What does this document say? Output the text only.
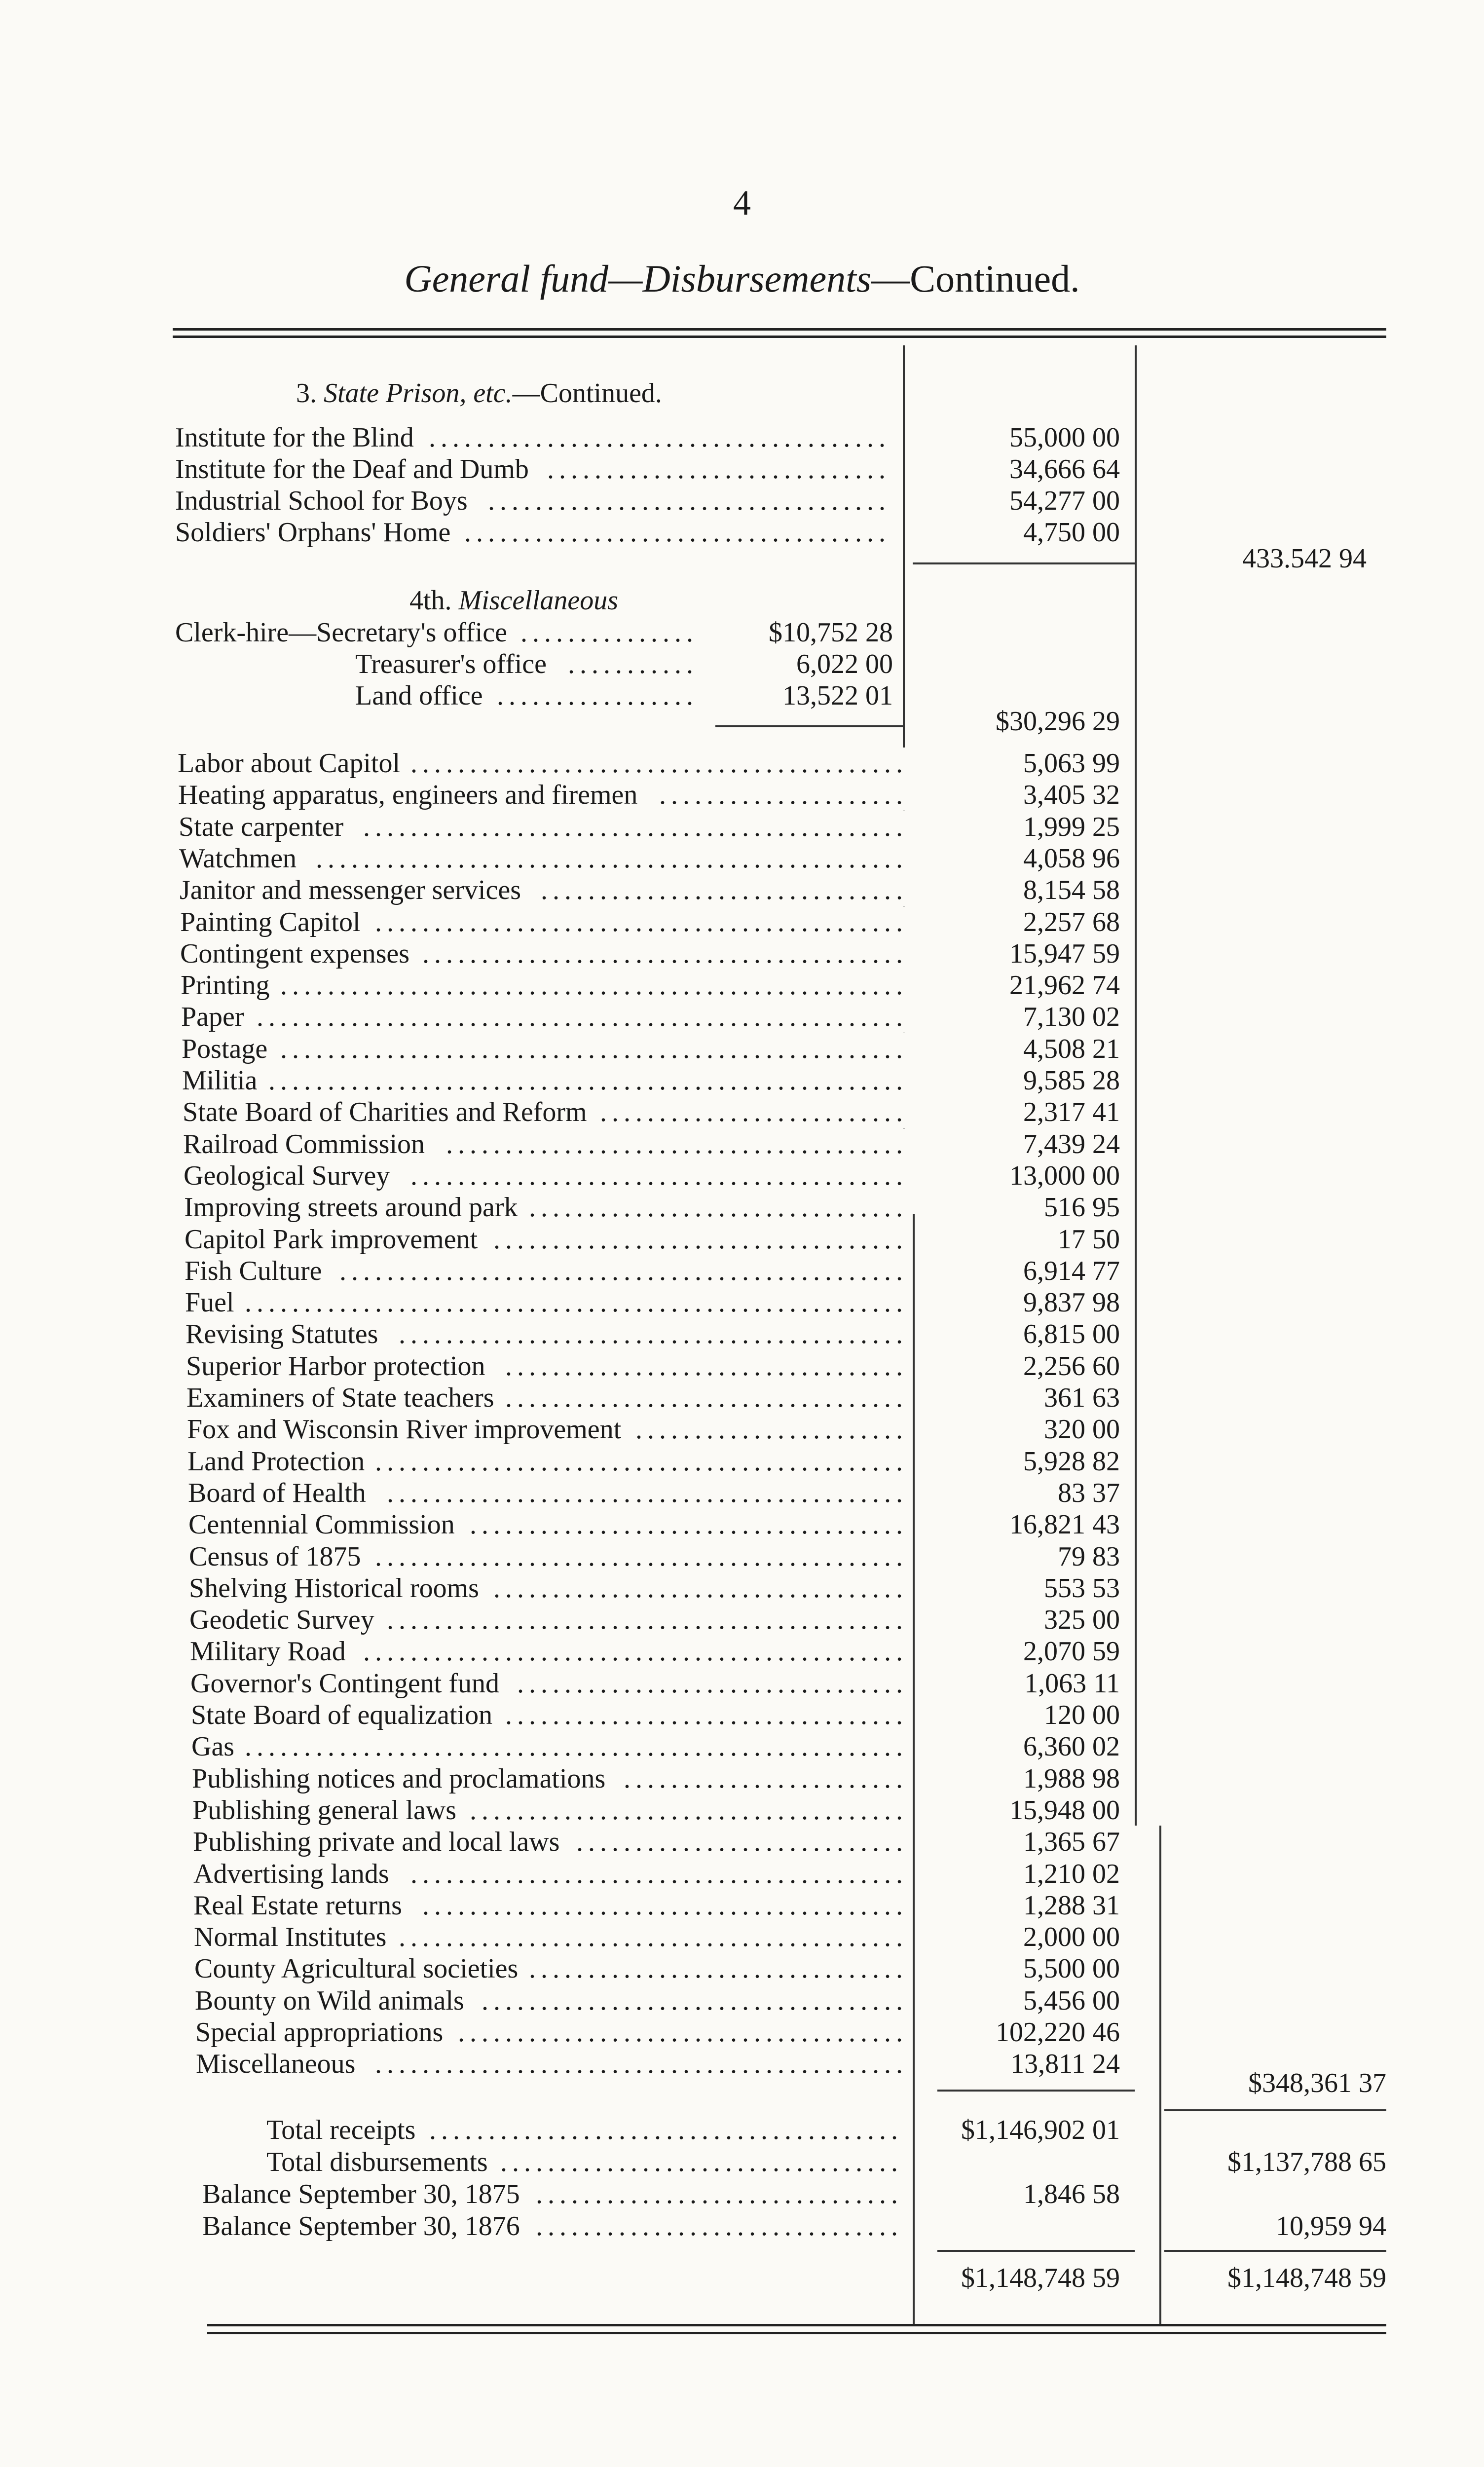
4
General fund—Disbursements—Continued.
3. State Prison, etc.—Continued.
Institute for the Blind .......................................	55,000 00
Institute for the Deaf and Dumb .............................	34,666 64
Industrial School for Boys ..................................	54,277 00
Soldiers' Orphans' Home ....................................	4,750 00
433.542 94
4th. Miscellaneous
Clerk-hire—Secretary's office ...............	$10,752 28
Treasurer's office ...........	6,022 00
Land office .................	13,522 01
$30,296 29
Labor about Capitol ..........................................	5,063 99
Heating apparatus, engineers and firemen .....................	3,405 32
State carpenter ..............................................	1,999 25
Watchmen ..................................................	4,058 96
Janitor and messenger services ...............................	8,154 58
Painting Capitol .............................................	2,257 68
Contingent expenses .........................................	15,947 59
Printing .....................................................	21,962 74
Paper .......................................................	7,130 02
Postage .....................................................	4,508 21
Militia ......................................................	9,585 28
State Board of Charities and Reform ..........................	2,317 41
Railroad Commission .......................................	7,439 24
Geological Survey ..........................................	13,000 00
Improving streets around park ................................	516 95
Capitol Park improvement ...................................	17 50
Fish Culture ................................................	6,914 77
Fuel ........................................................	9,837 98
Revising Statutes ...........................................	6,815 00
Superior Harbor protection ..................................	2,256 60
Examiners of State teachers ..................................	361 63
Fox and Wisconsin River improvement .......................	320 00
Land Protection .............................................	5,928 82
Board of Health ............................................	83 37
Centennial Commission .....................................	16,821 43
Census of 1875 .............................................	79 83
Shelving Historical rooms ...................................	553 53
Geodetic Survey ............................................	325 00
Military Road ..............................................	2,070 59
Governor's Contingent fund .................................	1,063 11
State Board of equalization ..................................	120 00
Gas ........................................................	6,360 02
Publishing notices and proclamations ........................	1,988 98
Publishing general laws .....................................	15,948 00
Publishing private and local laws ............................	1,365 67
Advertising lands ..........................................	1,210 02
Real Estate returns .........................................	1,288 31
Normal Institutes ...........................................	2,000 00
County Agricultural societies ................................	5,500 00
Bounty on Wild animals ....................................	5,456 00
Special appropriations ......................................	102,220 46
Miscellaneous .............................................	13,811 24
$348,361 37
Total receipts ........................................	$1,146,902 01
Total disbursements ..................................	$1,137,788 65
Balance September 30, 1875 ...............................	1,846 58
Balance September 30, 1876 ...............................	10,959 94
$1,148,748 59	$1,148,748 59
